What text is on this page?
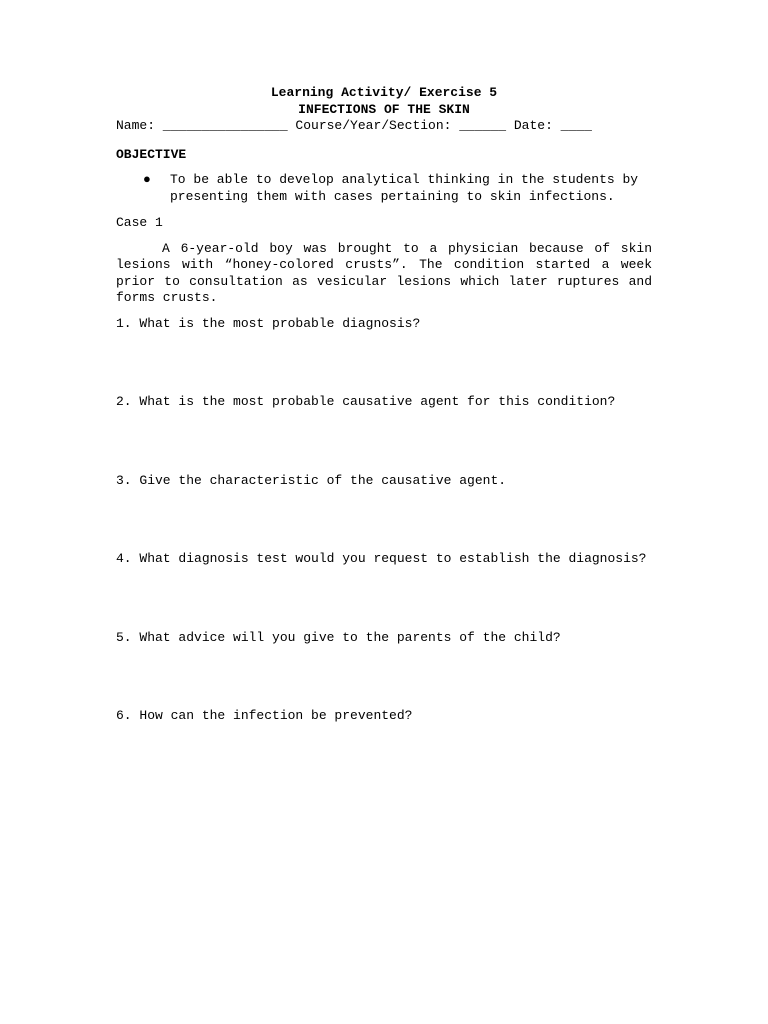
Learning Activity/ Exercise 5
INFECTIONS OF THE SKIN
Name: ________________ Course/Year/Section: ______ Date: ____
OBJECTIVE
● To be able to develop analytical thinking in the students by presenting them with cases pertaining to skin infections.
Case 1
A 6-year-old boy was brought to a physician because of skin lesions with “honey-colored crusts”. The condition started a week prior to consultation as vesicular lesions which later ruptures and forms crusts.
1. What is the most probable diagnosis?
2. What is the most probable causative agent for this condition?
3. Give the characteristic of the causative agent.
4. What diagnosis test would you request to establish the diagnosis?
5. What advice will you give to the parents of the child?
6. How can the infection be prevented?
